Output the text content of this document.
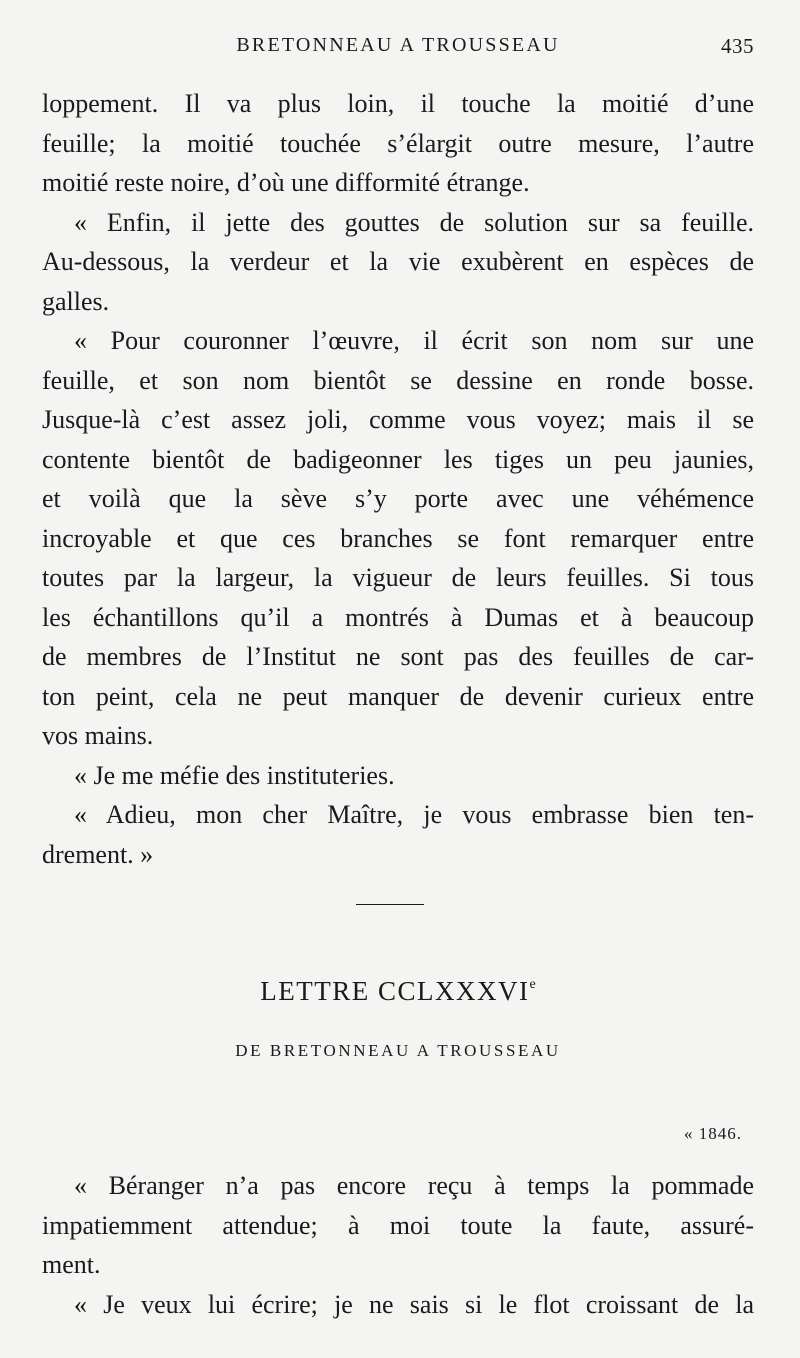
BRETONNEAU A TROUSSEAU	435
loppement. Il va plus loin, il touche la moitié d’une
feuille; la moitié touchée s’élargit outre mesure, l’autre
moitié reste noire, d’où une difformité étrange.
« Enfin, il jette des gouttes de solution sur sa feuille.
Au-dessous, la verdeur et la vie exubèrent en espèces de
galles.
« Pour couronner l’œuvre, il écrit son nom sur une
feuille, et son nom bientôt se dessine en ronde bosse.
Jusque-là c’est assez joli, comme vous voyez; mais il se
contente bientôt de badigeonner les tiges un peu jaunies,
et voilà que la sève s’y porte avec une véhémence
incroyable et que ces branches se font remarquer entre
toutes par la largeur, la vigueur de leurs feuilles. Si tous
les échantillons qu’il a montrés à Dumas et à beaucoup
de membres de l’Institut ne sont pas des feuilles de car-
ton peint, cela ne peut manquer de devenir curieux entre
vos mains.
« Je me méfie des instituteries.
« Adieu, mon cher Maître, je vous embrasse bien ten-
drement. »
LETTRE CCLXXXVIe
DE BRETONNEAU A TROUSSEAU
« 1846.
« Béranger n’a pas encore reçu à temps la pommade
impatiemment attendue; à moi toute la faute, assuré-
ment.
« Je veux lui écrire; je ne sais si le flot croissant de la
